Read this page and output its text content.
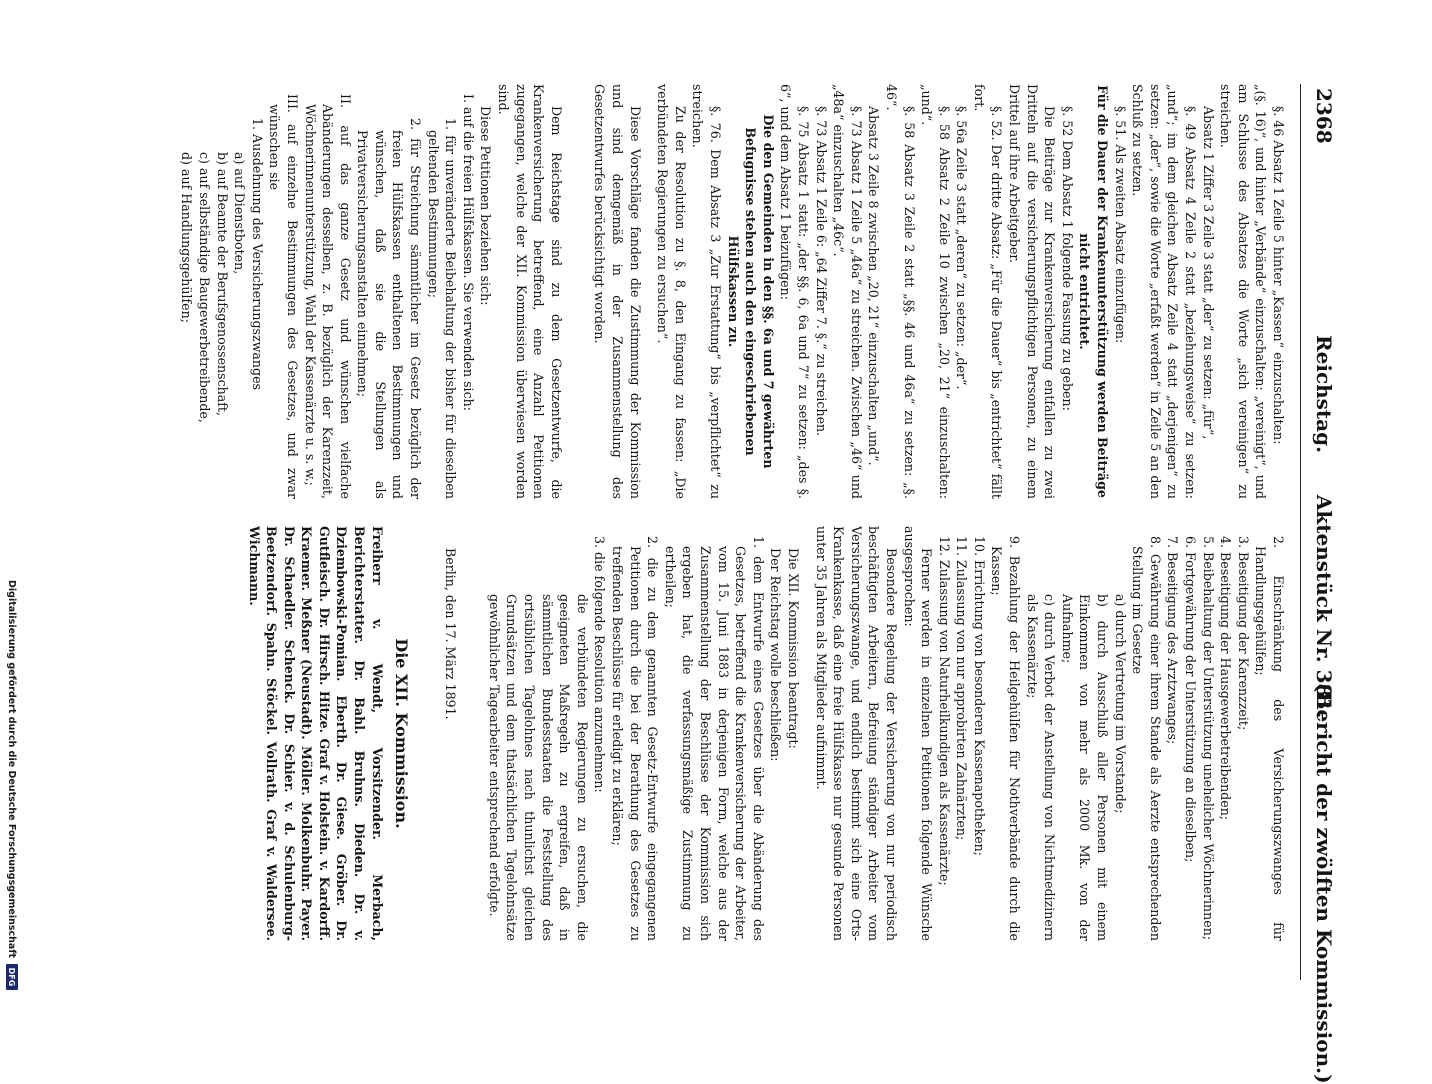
2368
Reichstag.      Aktenstück Nr. 381.
(Bericht der zwölften Kommission.)
§. 46 Absatz 1 Zeile 5 hinter „Kassen“ einzuschalten:
„(§. 16)“, und hinter „Verbände“ einzuschalten: „vereinigt“, und am Schlusse des Absatzes die Worte „sich vereinigen“ zu streichen.
Absatz 1 Ziffer 3 Zeile 3 statt „der“ zu setzen: „für“,
§. 49 Absatz 4 Zeile 2 statt „beziehungsweise“ zu setzen: „und“; im dem gleichen Absatz Zeile 4 statt „derjenigen“ zu setzen: „der“, sowie die Worte „erfaßt werden“ in Zeile 5 an den Schluß zu setzen.
§. 51. Als zweiten Absatz einzufügen:
Für die Dauer der Krankenunterstützung werden Beiträge nicht entrichtet.
§. 52 Dem Absatz 1 folgende Fassung zu geben:
Die Beiträge zur Krankenversicherung entfallen zu zwei Dritteln auf die versicherungspflichtigen Personen, zu einem Drittel auf ihre Arbeitgeber.
§. 52. Der dritte Absatz: „Für die Dauer“ bis „entrichtet“ fällt fort.
§. 56a Zeile 3 statt „deren“ zu setzen: „der“.
§. 58 Absatz 2 Zeile 10 zwischen „20, 21“ einzuschalten: „und“.
§. 58 Absatz 3 Zeile 2 statt „§§. 46 und 46a“ zu setzen: „§. 46“.
Absatz 3 Zeile 8 zwischen „20, 21“ einzuschalten „und“.
§. 73 Absatz 1 Zeile 5 „46a“ zu streichen. Zwischen „46“ und „48a“ einzuschalten „46c“.
§. 73 Absatz 1 Zeile 6: „64 Ziffer 7. §.“ zu streichen.
§. 75 Absatz 1 statt: „der §§. 6, 6a und 7“ zu setzen: „des §. 6“, und dem Absatz 1 beizufügen:
Die den Gemeinden in den §§. 6a und 7 gewährten Befugnisse stehen auch den eingeschriebenen Hülfskassen zu.
§. 76. Dem Absatz 3 „Zur Erstattung“ bis „verpflichtet“ zu streichen.
Zu der Resolution zu §. 8, den Eingang zu fassen: „Die verbündeten Regierungen zu ersuchen“.
Diese Vorschläge fanden die Zustimmung der Kommission und sind demgemäß in der Zusammenstellung des Gesetzentwurfes berücksichtigt worden.
Dem Reichstage sind zu dem Gesetzentwurfe, die Krankenversicherung betreffend, eine Anzahl Petitionen zugegangen, welche der XII. Kommission überwiesen worden sind.
Diese Petitionen beziehen sich:
I. auf die freien Hülfskassen. Sie verwenden sich:
1. für unveränderte Beibehaltung der bisher für dieselben geltenden Bestimmungen;
2. für Streichung sämmtlicher im Gesetz bezüglich der freien Hülfskassen enthaltenen Bestimmungen und wünschen, daß sie die Stellungen als Privatversicherungsanstalten einnehmen;
II. auf das ganze Gesetz und wünschen vielfache Abänderungen desselben, z. B. bezüglich der Karenzzeit, Wöchnerinnenunterstützung, Wahl der Kassenärzte u. s. w.;
III. auf einzelne Bestimmungen des Gesetzes, und zwar wünschen sie
1. Ausdehnung des Versicherungszwanges
a) auf Dienstboten,
b) auf Beamte der Berufsgenossenschaft,
c) auf selbständige Baugewerbetreibende,
d) auf Handlungsgehülfen;
2. Einschränkung des Versicherungszwanges für Handlungsgehülfen;
3. Beseitigung der Karenzzeit;
4. Beseitigung der Hausgewerbetreibenden;
5. Beibehaltung der Unterstützung unehelicher Wöchnerinnen;
6. Fortgewährung der Unterstützung an dieselben;
7. Beseitigung des Arztzwanges;
8. Gewährung einer ihrem Stande als Aerzte entsprechenden Stellung im Gesetze
a) durch Vertretung im Vorstande;
b) durch Ausschluß aller Personen mit einem Einkommen von mehr als 2000 Mk. von der Aufnahme;
c) durch Verbot der Anstellung von Nichtmedizinern als Kassenärzte;
9. Bezahlung der Heilgehülfen für Nothverbände durch die Kassen;
10. Errichtung von besonderen Kassenapotheken;
11. Zulassung von nur approbirten Zahnärzten;
12. Zulassung von Naturheilkundigen als Kassenärzte;
Ferner werden in einzelnen Petitionen folgende Wünsche ausgesprochen:
Besondere Regelung der Versicherung von nur periodisch beschäftigten Arbeitern, Befreiung ständiger Arbeiter vom Versicherungszwange, und endlich bestimmt sich eine Orts-Krankenkasse, daß eine freie Hülfskasse nur gesunde Personen unter 35 Jahren als Mitglieder aufnimmt.
Die XII. Kommission beantragt:
Der Reichstag wolle beschließen:
1. dem Entwurfe eines Gesetzes über die Abänderung des Gesetzes, betreffend die Krankenversicherung der Arbeiter, vom 15. Juni 1883 in derjenigen Form, welche aus der Zusammenstellung der Beschlüsse der Kommission sich ergeben hat, die verfassungsmäßige Zustimmung zu ertheilen;
2. die zu dem genannten Gesetz-Entwurfe eingegangenen Petitionen durch die bei der Berathung des Gesetzes zu treffenden Beschlüsse für erledigt zu erklären;
3. die folgende Resolution anzunehmen:
die verbündeten Regierungen zu ersuchen, die geeigneten Maßregeln zu ergreifen, daß in sämmtlichen Bundesstaaten die Feststellung des ortsüblichen Tagelohnes nach thunlichst gleichen Grundsätzen und dem thatsächlichen Tagelohnsätze gewöhnlicher Tagearbeiter entsprechend erfolgte.
Berlin, den 17. März 1891.
Die XII. Kommission.
Freiherr v. Wendt, Vorsitzender. Merbach, Berichterstatter. Dr. Bahl. Bruhns. Dieden. Dr. v. Dziembowski-Pomian. Eberth. Dr. Giese. Gröber. Dr. Gutfleisch. Dr. Hirsch. Hitze. Graf v. Holstein. v. Kardorff. Kraemer. Meßner (Neustadt). Möller. Molkenbuhr. Payer. Dr. Schaedler. Schenck. Dr. Schier. v. d. Schulenburg-Beetzendorf. Spahn. Stöckel. Vollrath. Graf v. Waldersee. Wichmann.
Digitalisierung gefördert durch die Deutsche Forschungsgemeinschaft
DFG
